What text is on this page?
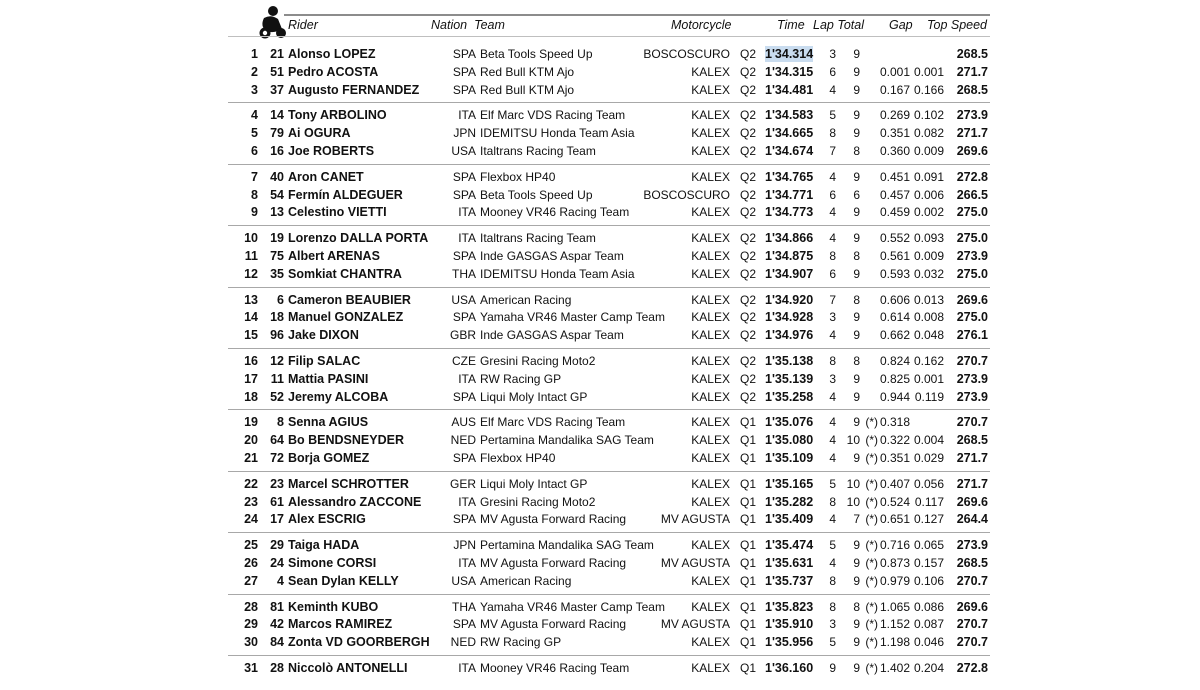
Rider	Nation  Team	Motorcycle	Time Lap Total Gap Top Speed
1 21 Alonso LOPEZ	SPA Beta Tools Speed Up	BOSCOSCURO Q2 1'34.314	3	9	268.5
2 51 Pedro ACOSTA	SPA Red Bull KTM Ajo	KALEX Q2 1'34.315	6	9	0.001 0.001	271.7
3 37 Augusto FERNANDEZ	SPA Red Bull KTM Ajo	KALEX Q2 1'34.481	4	9	0.167 0.166	268.5
4 14 Tony ARBOLINO	ITA Elf Marc VDS Racing Team	KALEX Q2 1'34.583	5	9	0.269 0.102	273.9
5 79 Ai OGURA	JPN IDEMITSU Honda Team Asia	KALEX Q2 1'34.665	8	9	0.351 0.082	271.7
6 16 Joe ROBERTS	USA Italtrans Racing Team	KALEX Q2 1'34.674	7	8	0.360 0.009	269.6
7 40 Aron CANET	SPA Flexbox HP40	KALEX Q2 1'34.765	4	9	0.451 0.091	272.8
8 54 Fermín ALDEGUER	SPA Beta Tools Speed Up	BOSCOSCURO Q2 1'34.771	6	6	0.457 0.006	266.5
9 13 Celestino VIETTI	ITA Mooney VR46 Racing Team	KALEX Q2 1'34.773	4	9	0.459 0.002	275.0
10 19 Lorenzo DALLA PORTA	ITA Italtrans Racing Team	KALEX Q2 1'34.866	4	9	0.552 0.093	275.0
11 75 Albert ARENAS	SPA Inde GASGAS Aspar Team	KALEX Q2 1'34.875	8	8	0.561 0.009	273.9
12 35 Somkiat CHANTRA	THA IDEMITSU Honda Team Asia	KALEX Q2 1'34.907	6	9	0.593 0.032	275.0
13	6 Cameron BEAUBIER	USA American Racing	KALEX Q2 1'34.920	7	8	0.606 0.013	269.6
14 18 Manuel GONZALEZ	SPA Yamaha VR46 Master Camp Team	KALEX Q2 1'34.928	3	9	0.614 0.008	275.0
15 96 Jake DIXON	GBR Inde GASGAS Aspar Team	KALEX Q2 1'34.976	4	9	0.662 0.048	276.1
16 12 Filip SALAC	CZE Gresini Racing Moto2	KALEX Q2 1'35.138	8	8	0.824 0.162	270.7
17	11 Mattia PASINI	ITA RW Racing GP	KALEX Q2 1'35.139	3	9	0.825 0.001	273.9
18 52 Jeremy ALCOBA	SPA Liqui Moly Intact GP	KALEX Q2 1'35.258	4	9	0.944 0.119	273.9
19	8 Senna AGIUS	AUS Elf Marc VDS Racing Team	KALEX Q1 1'35.076	4	9 (*) 0.318	270.7
20 64 Bo BENDSNEYDER	NED Pertamina Mandalika SAG Team	KALEX Q1 1'35.080	4 10 (*) 0.322 0.004	268.5
21 72 Borja GOMEZ	SPA Flexbox HP40	KALEX Q1 1'35.109	4	9 (*) 0.351 0.029	271.7
22 23 Marcel SCHROTTER	GER Liqui Moly Intact GP	KALEX Q1 1'35.165	5 10 (*) 0.407 0.056	271.7
23 61 Alessandro ZACCONE	ITA Gresini Racing Moto2	KALEX Q1 1'35.282	8 10 (*) 0.524 0.117	269.6
24 17 Alex ESCRIG	SPA MV Agusta Forward Racing	MV AGUSTA Q1 1'35.409	4	7 (*) 0.651 0.127	264.4
25 29 Taiga HADA	JPN Pertamina Mandalika SAG Team	KALEX Q1 1'35.474	5	9 (*) 0.716 0.065	273.9
26 24 Simone CORSI	ITA MV Agusta Forward Racing	MV AGUSTA Q1 1'35.631	4	9 (*) 0.873 0.157	268.5
27	4 Sean Dylan KELLY	USA American Racing	KALEX Q1 1'35.737	8	9 (*) 0.979 0.106	270.7
28 81 Keminth KUBO	THA Yamaha VR46 Master Camp Team	KALEX Q1 1'35.823	8	8 (*) 1.065 0.086	269.6
29 42 Marcos RAMIREZ	SPA MV Agusta Forward Racing	MV AGUSTA Q1 1'35.910	3	9 (*) 1.152 0.087	270.7
30 84 Zonta VD GOORBERGH NED RW Racing GP	KALEX Q1 1'35.956	5	9 (*) 1.198 0.046	270.7
31 28 Niccolò ANTONELLI	ITA Mooney VR46 Racing Team	KALEX Q1 1'36.160	9	9 (*) 1.402 0.204	272.8
